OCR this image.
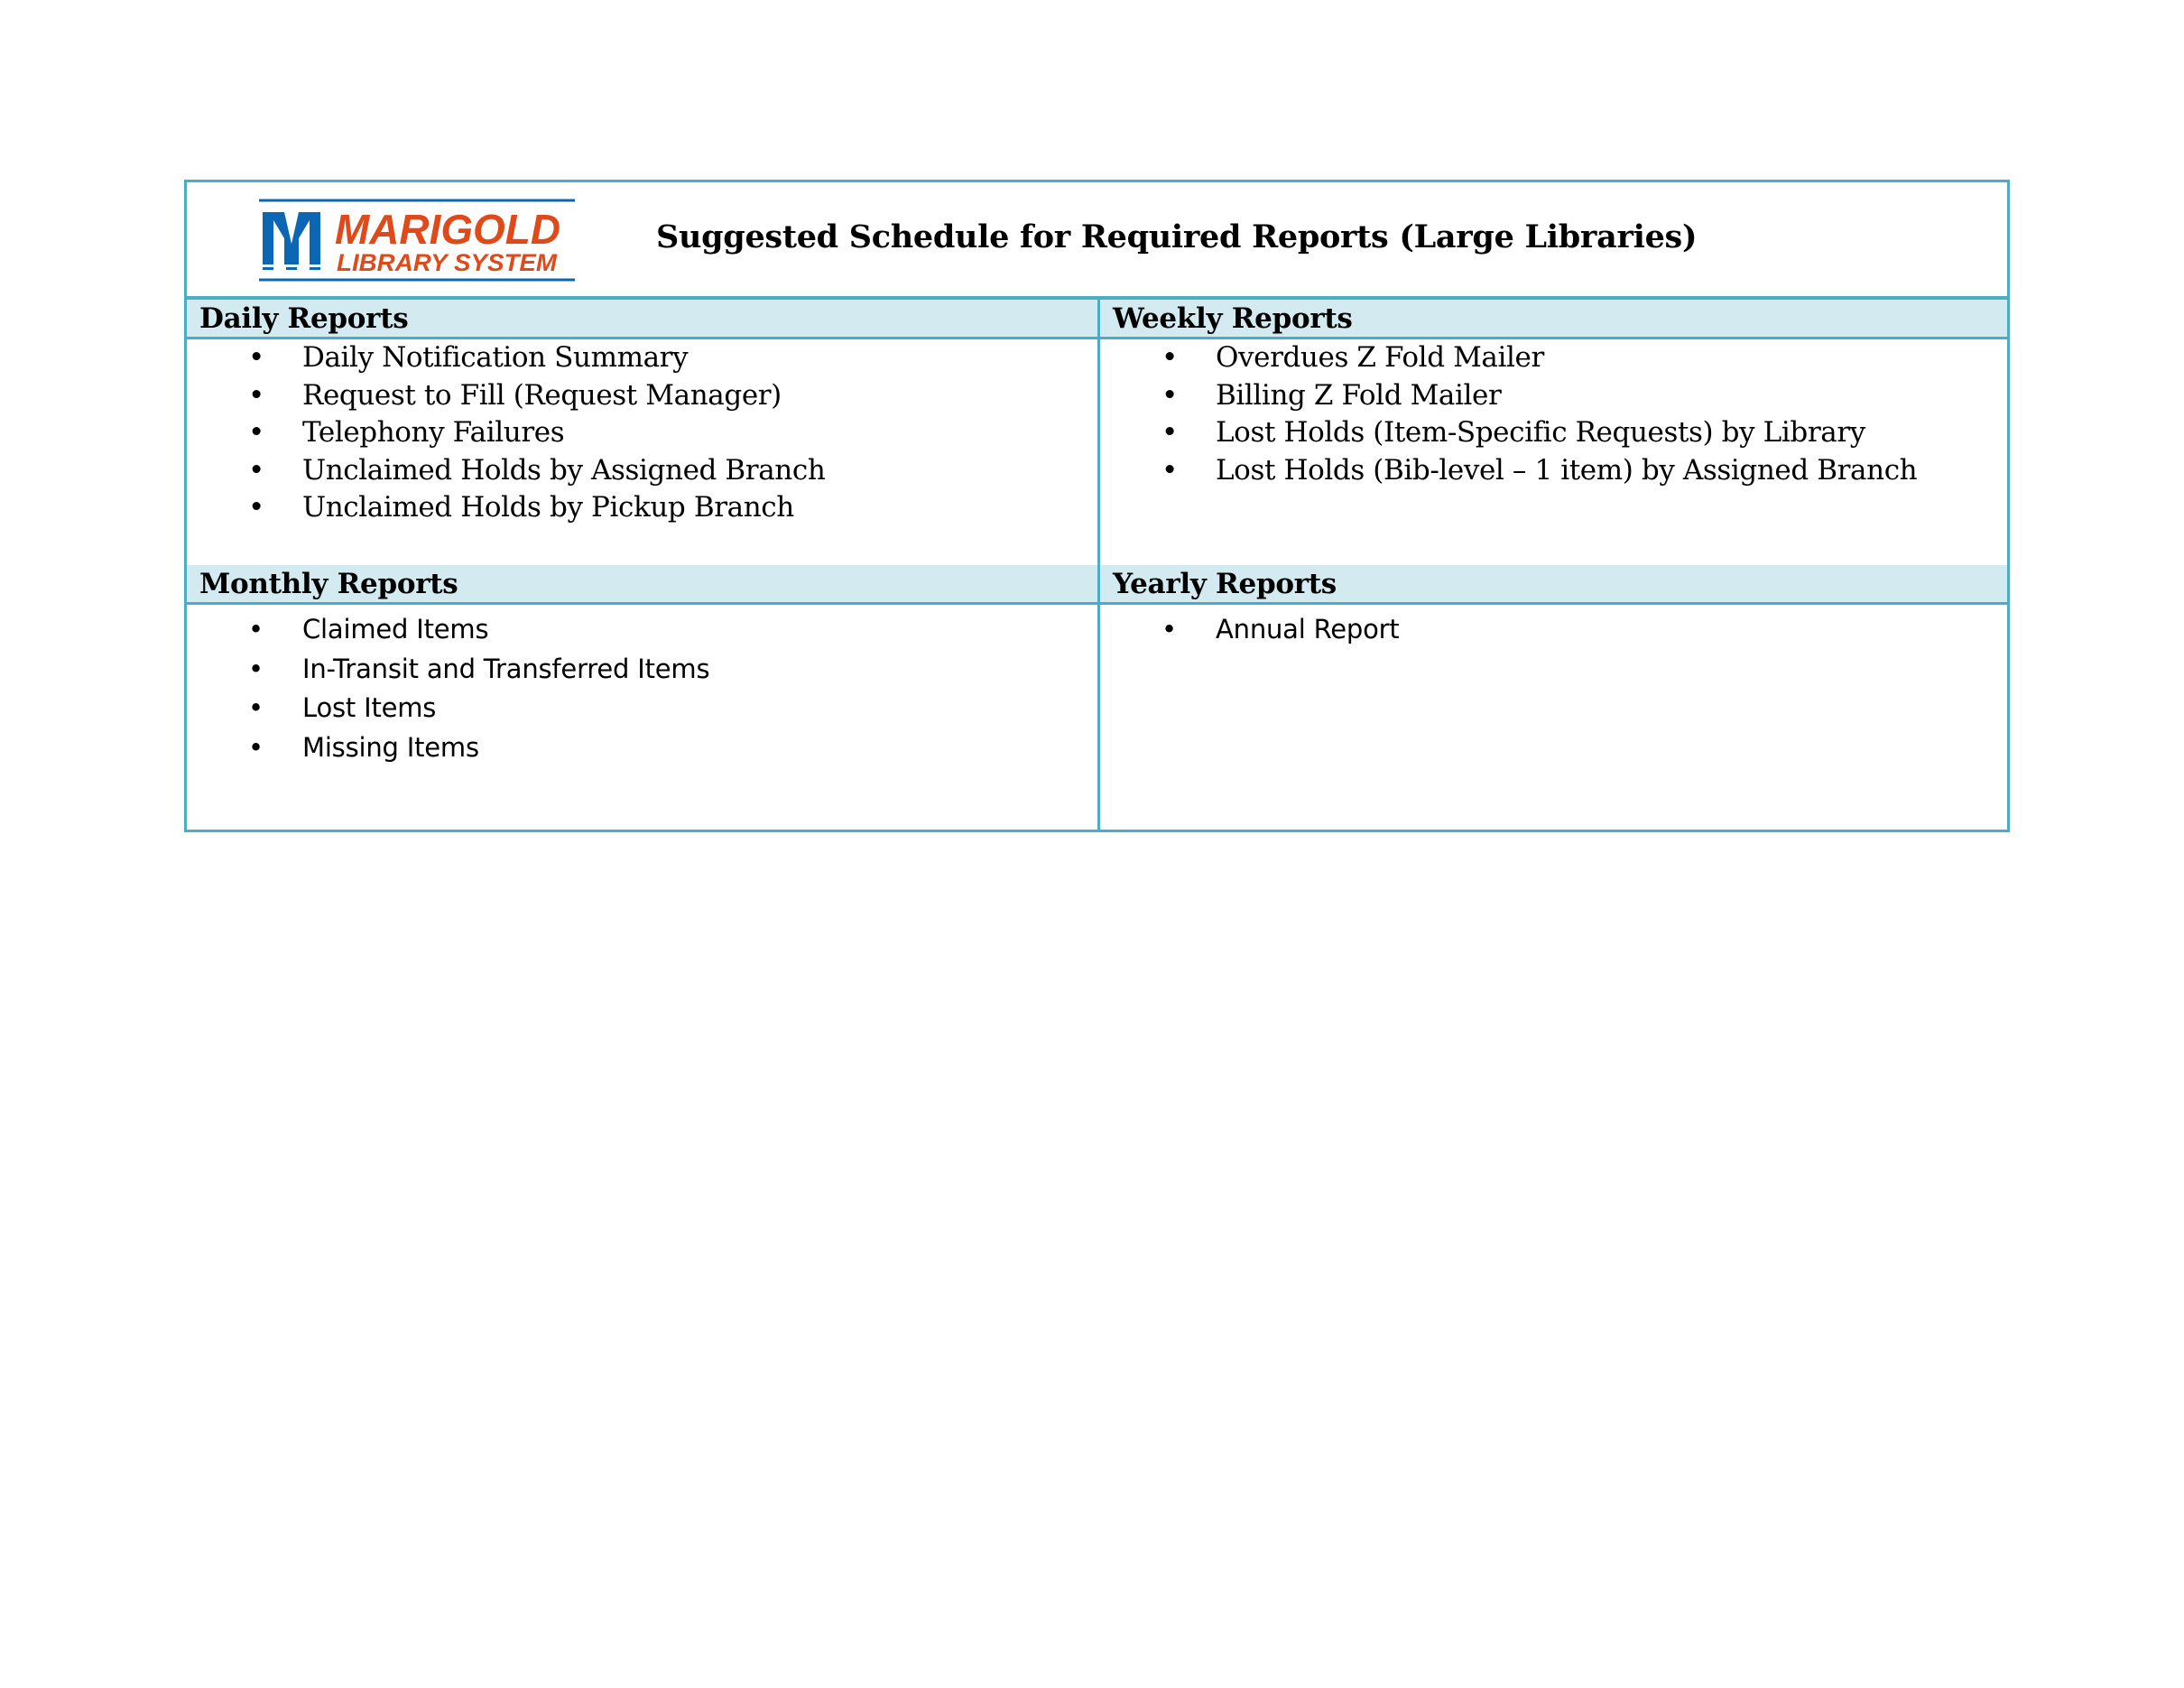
MARIGOLD
LIBRARY SYSTEM
Suggested Schedule for Required Reports (Large Libraries)
Daily Reports
• Daily Notification Summary
• Request to Fill (Request Manager)
• Telephony Failures
• Unclaimed Holds by Assigned Branch
• Unclaimed Holds by Pickup Branch
Weekly Reports
• Overdues Z Fold Mailer
• Billing Z Fold Mailer
• Lost Holds (Item-Specific Requests) by Library
• Lost Holds (Bib-level – 1 item) by Assigned Branch
Monthly Reports
• Claimed Items
• In-Transit and Transferred Items
• Lost Items
• Missing Items
Yearly Reports
• Annual Report
